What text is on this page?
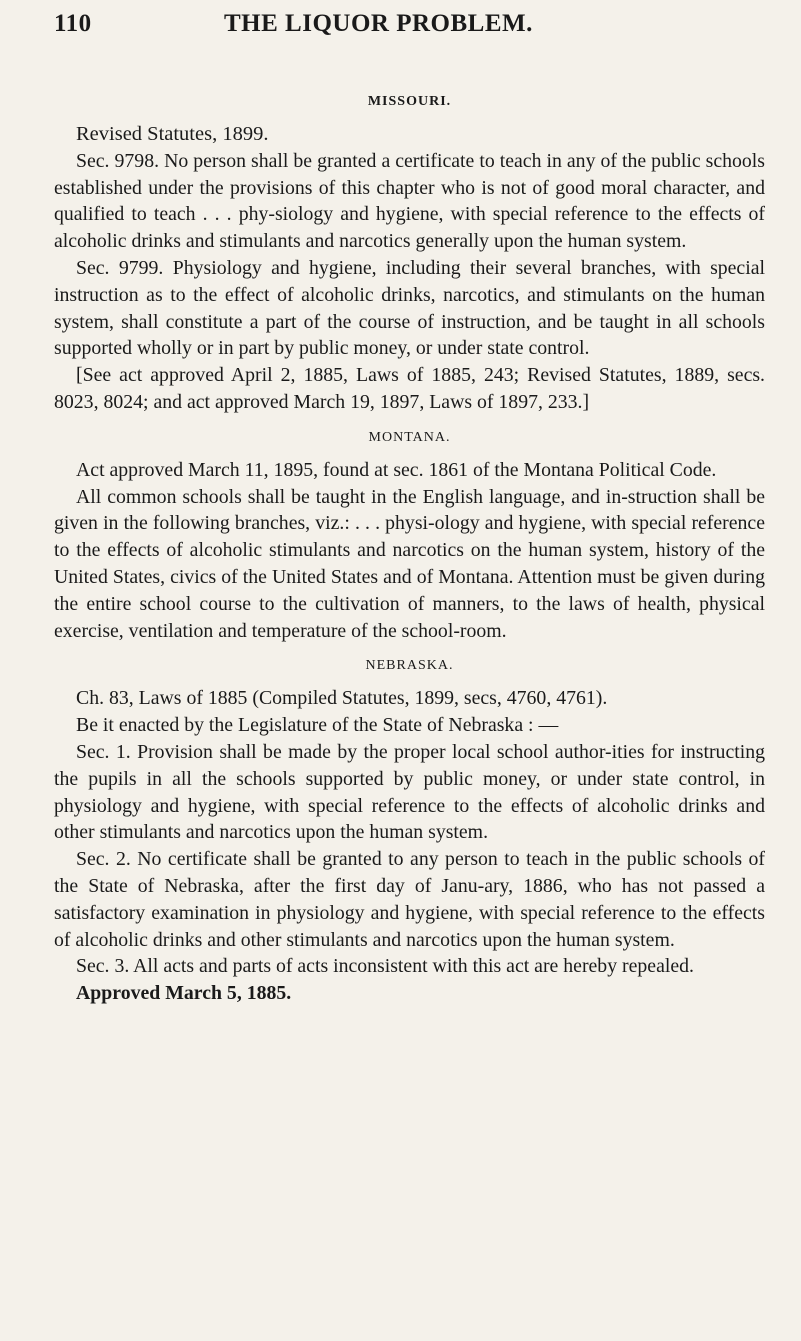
110	THE LIQUOR PROBLEM.
MISSOURI.

Revised Statutes, 1899.

Sec. 9798. No person shall be granted a certificate to teach in any of the public schools established under the provisions of this chapter who is not of good moral character, and qualified to teach . . . phy-siology and hygiene, with special reference to the effects of alcoholic drinks and stimulants and narcotics generally upon the human system.

Sec. 9799. Physiology and hygiene, including their several branches, with special instruction as to the effect of alcoholic drinks, narcotics, and stimulants on the human system, shall constitute a part of the course of instruction, and be taught in all schools supported wholly or in part by public money, or under state control.

[See act approved April 2, 1885, Laws of 1885, 243; Revised Statutes, 1889, secs. 8023, 8024; and act approved March 19, 1897, Laws of 1897, 233.]

MONTANA.

Act approved March 11, 1895, found at sec. 1861 of the Montana Political Code.

All common schools shall be taught in the English language, and in-struction shall be given in the following branches, viz.: . . . physi-ology and hygiene, with special reference to the effects of alcoholic stimulants and narcotics on the human system, history of the United States, civics of the United States and of Montana. Attention must be given during the entire school course to the cultivation of manners, to the laws of health, physical exercise, ventilation and temperature of the school-room.

NEBRASKA.

Ch. 83, Laws of 1885 (Compiled Statutes, 1899, secs, 4760, 4761).

Be it enacted by the Legislature of the State of Nebraska : —

Sec. 1. Provision shall be made by the proper local school author-ities for instructing the pupils in all the schools supported by public money, or under state control, in physiology and hygiene, with special reference to the effects of alcoholic drinks and other stimulants and narcotics upon the human system.

Sec. 2. No certificate shall be granted to any person to teach in the public schools of the State of Nebraska, after the first day of Janu-ary, 1886, who has not passed a satisfactory examination in physiology and hygiene, with special reference to the effects of alcoholic drinks and other stimulants and narcotics upon the human system.

Sec. 3. All acts and parts of acts inconsistent with this act are hereby repealed.

Approved March 5, 1885.
